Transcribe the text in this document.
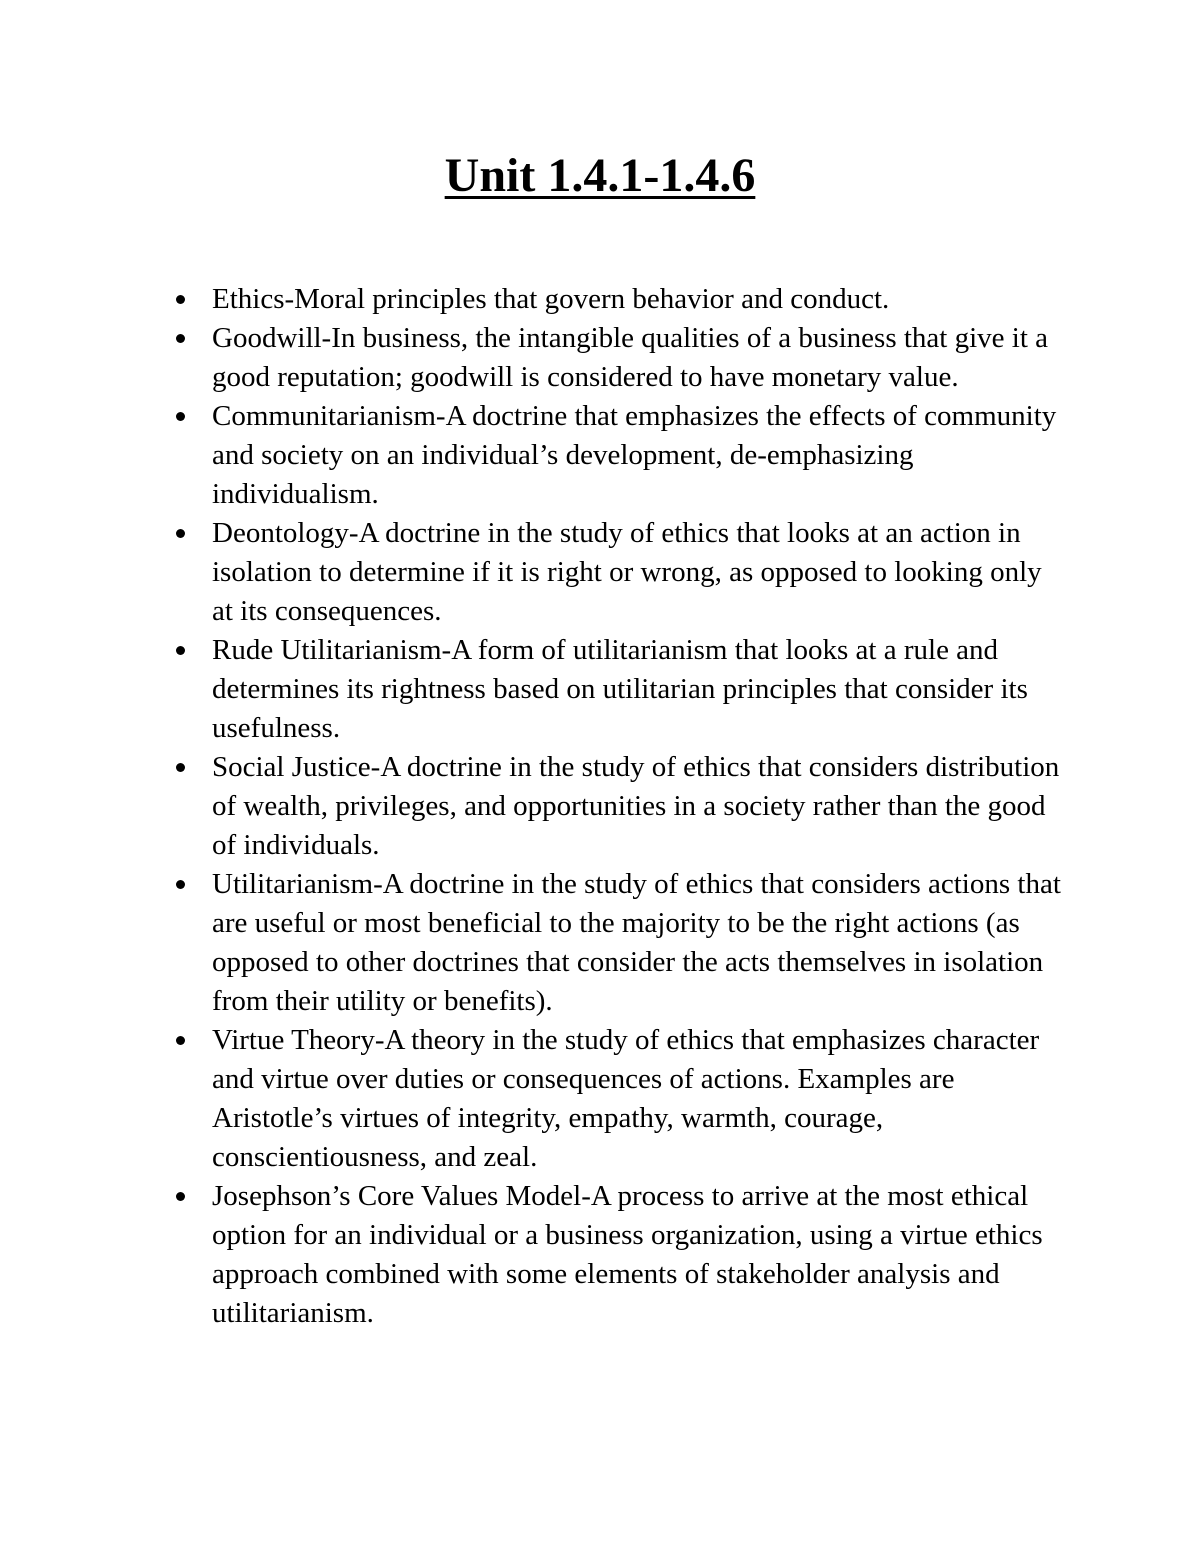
Unit 1.4.1-1.4.6
Ethics-Moral principles that govern behavior and conduct.
Goodwill-In business, the intangible qualities of a business that give it a good reputation; goodwill is considered to have monetary value.
Communitarianism-A doctrine that emphasizes the effects of community and society on an individual’s development, de-emphasizing individualism.
Deontology-A doctrine in the study of ethics that looks at an action in isolation to determine if it is right or wrong, as opposed to looking only at its consequences.
Rude Utilitarianism-A form of utilitarianism that looks at a rule and determines its rightness based on utilitarian principles that consider its usefulness.
Social Justice-A doctrine in the study of ethics that considers distribution of wealth, privileges, and opportunities in a society rather than the good of individuals.
Utilitarianism-A doctrine in the study of ethics that considers actions that are useful or most beneficial to the majority to be the right actions (as opposed to other doctrines that consider the acts themselves in isolation from their utility or benefits).
Virtue Theory-A theory in the study of ethics that emphasizes character and virtue over duties or consequences of actions. Examples are Aristotle’s virtues of integrity, empathy, warmth, courage, conscientiousness, and zeal.
Josephson’s Core Values Model-A process to arrive at the most ethical option for an individual or a business organization, using a virtue ethics approach combined with some elements of stakeholder analysis and utilitarianism.
